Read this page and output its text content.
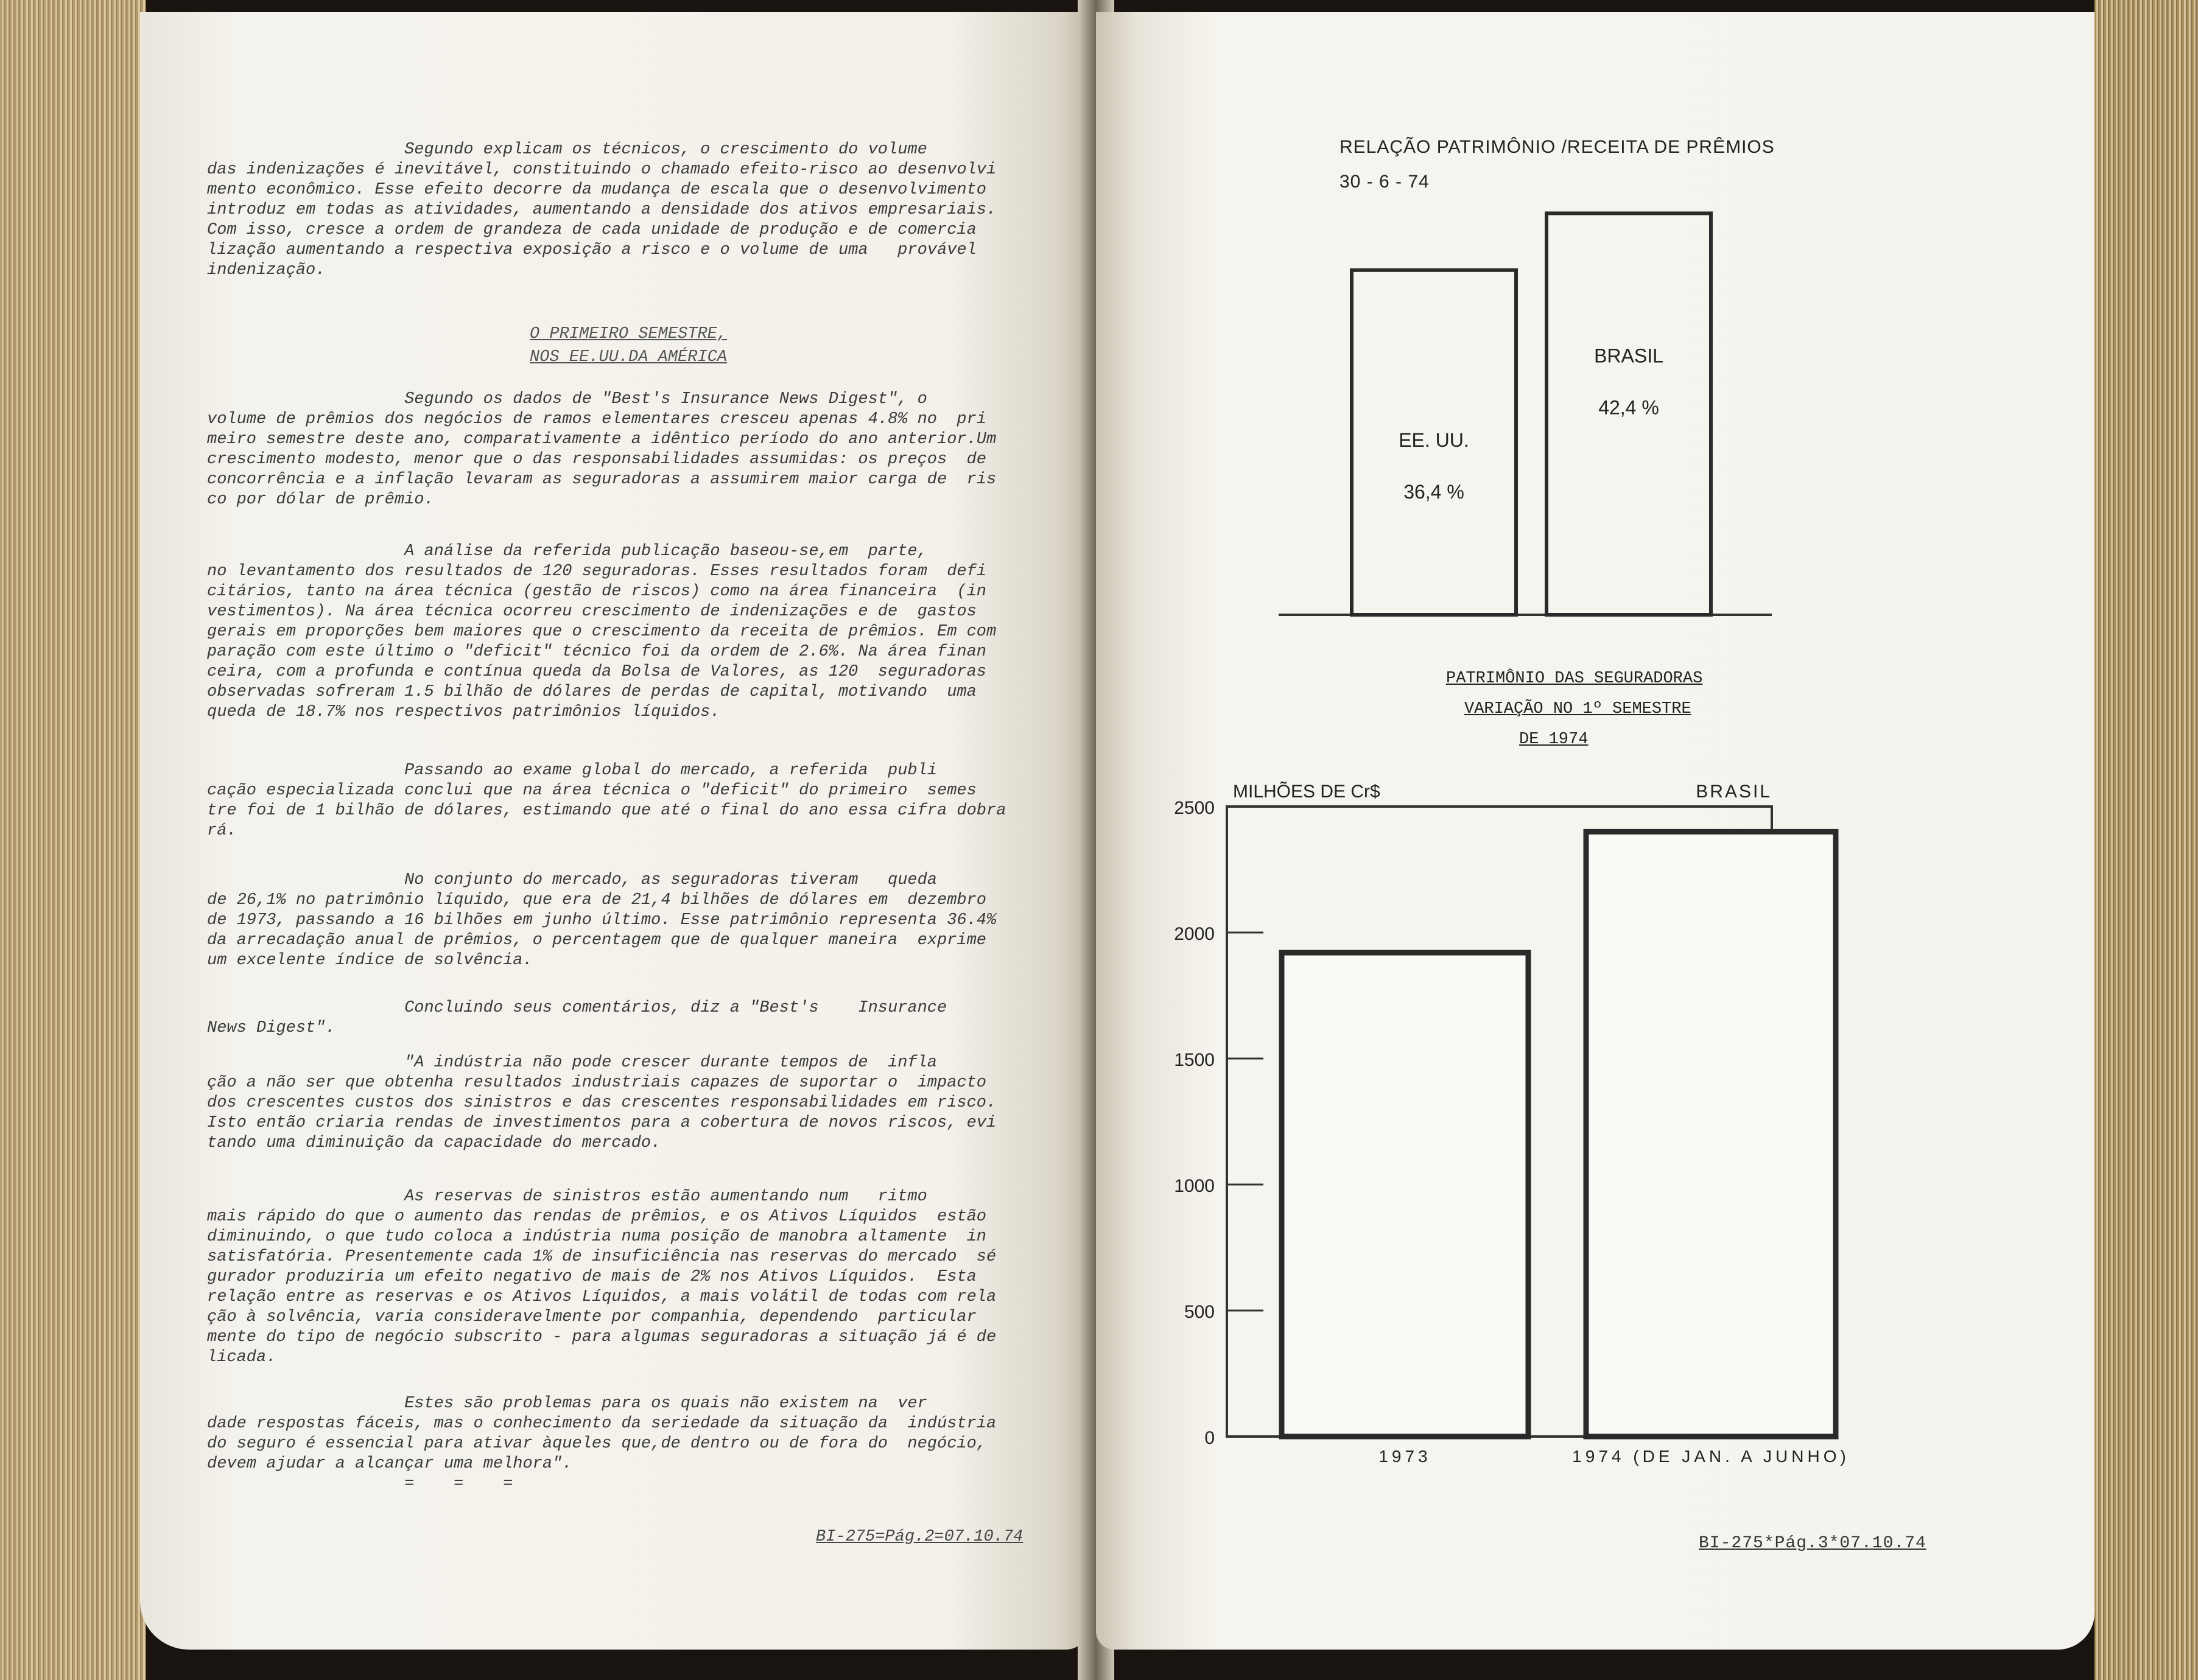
Segundo explicam os técnicos, o crescimento do volume
das indenizações é inevitável, constituindo o chamado efeito-risco ao desenvolvi
mento econômico. Esse efeito decorre da mudança de escala que o desenvolvimento
introduz em todas as atividades, aumentando a densidade dos ativos empresariais.
Com isso, cresce a ordem de grandeza de cada unidade de produção e de comercia
lização aumentando a respectiva exposição a risco e o volume de uma   provável
indenização.
O PRIMEIRO SEMESTRE,
NOS EE.UU.DA AMÉRICA
Segundo os dados de "Best's Insurance News Digest", o
volume de prêmios dos negócios de ramos elementares cresceu apenas 4.8% no  pri
meiro semestre deste ano, comparativamente a idêntico período do ano anterior.Um
crescimento modesto, menor que o das responsabilidades assumidas: os preços  de
concorrência e a inflação levaram as seguradoras a assumirem maior carga de  ris
co por dólar de prêmio.
A análise da referida publicação baseou-se,em  parte,
no levantamento dos resultados de 120 seguradoras. Esses resultados foram  defi
citários, tanto na área técnica (gestão de riscos) como na área financeira  (in
vestimentos). Na área técnica ocorreu crescimento de indenizações e de  gastos
gerais em proporções bem maiores que o crescimento da receita de prêmios. Em com
paração com este último o "deficit" técnico foi da ordem de 2.6%. Na área finan
ceira, com a profunda e contínua queda da Bolsa de Valores, as 120  seguradoras
observadas sofreram 1.5 bilhão de dólares de perdas de capital, motivando  uma
queda de 18.7% nos respectivos patrimônios líquidos.
Passando ao exame global do mercado, a referida  publi
cação especializada conclui que na área técnica o "deficit" do primeiro  semes
tre foi de 1 bilhão de dólares, estimando que até o final do ano essa cifra dobra
rá.
No conjunto do mercado, as seguradoras tiveram   queda
de 26,1% no patrimônio líquido, que era de 21,4 bilhões de dólares em  dezembro
de 1973, passando a 16 bilhões em junho último. Esse patrimônio representa 36.4%
da arrecadação anual de prêmios, o percentagem que de qualquer maneira  exprime
um excelente índice de solvência.
Concluindo seus comentários, diz a "Best's    Insurance
News Digest".
"A indústria não pode crescer durante tempos de  infla
ção a não ser que obtenha resultados industriais capazes de suportar o  impacto
dos crescentes custos dos sinistros e das crescentes responsabilidades em risco.
Isto então criaria rendas de investimentos para a cobertura de novos riscos, evi
tando uma diminuição da capacidade do mercado.
As reservas de sinistros estão aumentando num   ritmo
mais rápido do que o aumento das rendas de prêmios, e os Ativos Líquidos  estão
diminuindo, o que tudo coloca a indústria numa posição de manobra altamente  in
satisfatória. Presentemente cada 1% de insuficiência nas reservas do mercado  sé
gurador produziria um efeito negativo de mais de 2% nos Ativos Líquidos.  Esta
relação entre as reservas e os Ativos Líquidos, a mais volátil de todas com rela
ção à solvência, varia consideravelmente por companhia, dependendo  particular
mente do tipo de negócio subscrito - para algumas seguradoras a situação já é de
licada.
Estes são problemas para os quais não existem na  ver
dade respostas fáceis, mas o conhecimento da seriedade da situação da  indústria
do seguro é essencial para ativar àqueles que,de dentro ou de fora do  negócio,
devem ajudar a alcançar uma melhora".
=    =    =
BI-275=Pág.2=07.10.74
RELAÇÃO PATRIMÔNIO /RECEITA DE PRÊMIOS
30 - 6 - 74
EE. UU.
36,4 %
BRASIL
42,4 %
PATRIMÔNIO DAS SEGURADORAS
VARIAÇÃO NO 1º SEMESTRE
DE 1974
MILHÕES DE Cr$	BRASIL
0
500
1000
1500
2000
2500
1973	1974 (DE JAN. A JUNHO)
BI-275*Pág.3*07.10.74
